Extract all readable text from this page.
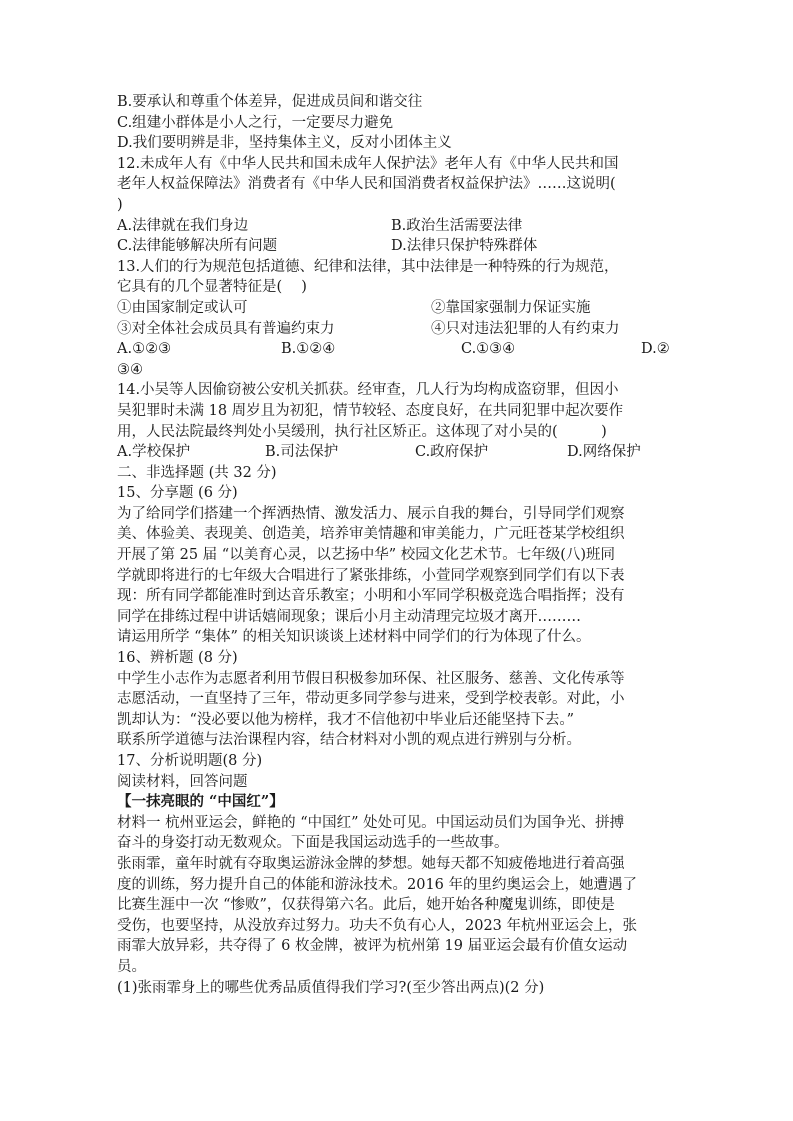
B.要承认和尊重个体差异，促进成员间和谐交往
C.组建小群体是小人之行，一定要尽力避免
D.我们要明辨是非，坚持集体主义，反对小团体主义
12.未成年人有《中华人民共和国未成年人保护法》老年人有《中华人民共和国
老年人权益保障法》消费者有《中华人民和国消费者权益保护法》……这说明(
)
A.法律就在我们身边	B.政治生活需要法律
C.法律能够解决所有问题	D.法律只保护特殊群体
13.人们的行为规范包括道德、纪律和法律，其中法律是一种特殊的行为规范，
它具有的几个显著特征是(　 )
①由国家制定或认可	②靠国家强制力保证实施
③对全体社会成员具有普遍约束力	④只对违法犯罪的人有约束力
A.①②③	B.①②④	C.①③④	D.②
③④
14.小吴等人因偷窃被公安机关抓获。经审查，几人行为均构成盗窃罪，但因小
吴犯罪时未满 18 周岁且为初犯，情节较轻、态度良好，在共同犯罪中起次要作
用，人民法院最终判处小吴缓刑，执行社区矫正。这体现了对小吴的(　　　)
A.学校保护	B.司法保护	C.政府保护	D.网络保护
二、非选择题 (共 32 分)
15、分享题 (6 分)
为了给同学们搭建一个挥洒热情、激发活力、展示自我的舞台，引导同学们观察
美、体验美、表现美、创造美，培养审美情趣和审美能力，广元旺苍某学校组织
开展了第 25 届 “以美育心灵，以艺扬中华” 校园文化艺术节。七年级(八)班同
学就即将进行的七年级大合唱进行了紧张排练，小萱同学观察到同学们有以下表
现：所有同学都能准时到达音乐教室；小明和小军同学积极竞选合唱指挥；没有
同学在排练过程中讲话嬉闹现象；课后小月主动清理完垃圾才离开………
请运用所学 “集体” 的相关知识谈谈上述材料中同学们的行为体现了什么。
16、辨析题 (8 分)
中学生小志作为志愿者利用节假日积极参加环保、社区服务、慈善、文化传承等
志愿活动，一直坚持了三年，带动更多同学参与进来，受到学校表彰。对此，小
凯却认为：“没必要以他为榜样，我才不信他初中毕业后还能坚持下去。”
联系所学道德与法治课程内容，结合材料对小凯的观点进行辨别与分析。
17、分析说明题(8 分)
阅读材料，回答问题
【一抹亮眼的 “中国红”】
材料一 杭州亚运会，鲜艳的 “中国红” 处处可见。中国运动员们为国争光、拼搏
奋斗的身姿打动无数观众。下面是我国运动选手的一些故事。
张雨霏，童年时就有夺取奥运游泳金牌的梦想。她每天都不知疲倦地进行着高强
度的训练，努力提升自己的体能和游泳技术。2016 年的里约奥运会上，她遭遇了
比赛生涯中一次 “惨败”，仅获得第六名。此后，她开始各种魔鬼训练，即使是
受伤，也要坚持，从没放弃过努力。功夫不负有心人，2023 年杭州亚运会上，张
雨霏大放异彩，共夺得了 6 枚金牌，被评为杭州第 19 届亚运会最有价值女运动
员。
(1)张雨霏身上的哪些优秀品质值得我们学习?(至少答出两点)(2 分)
